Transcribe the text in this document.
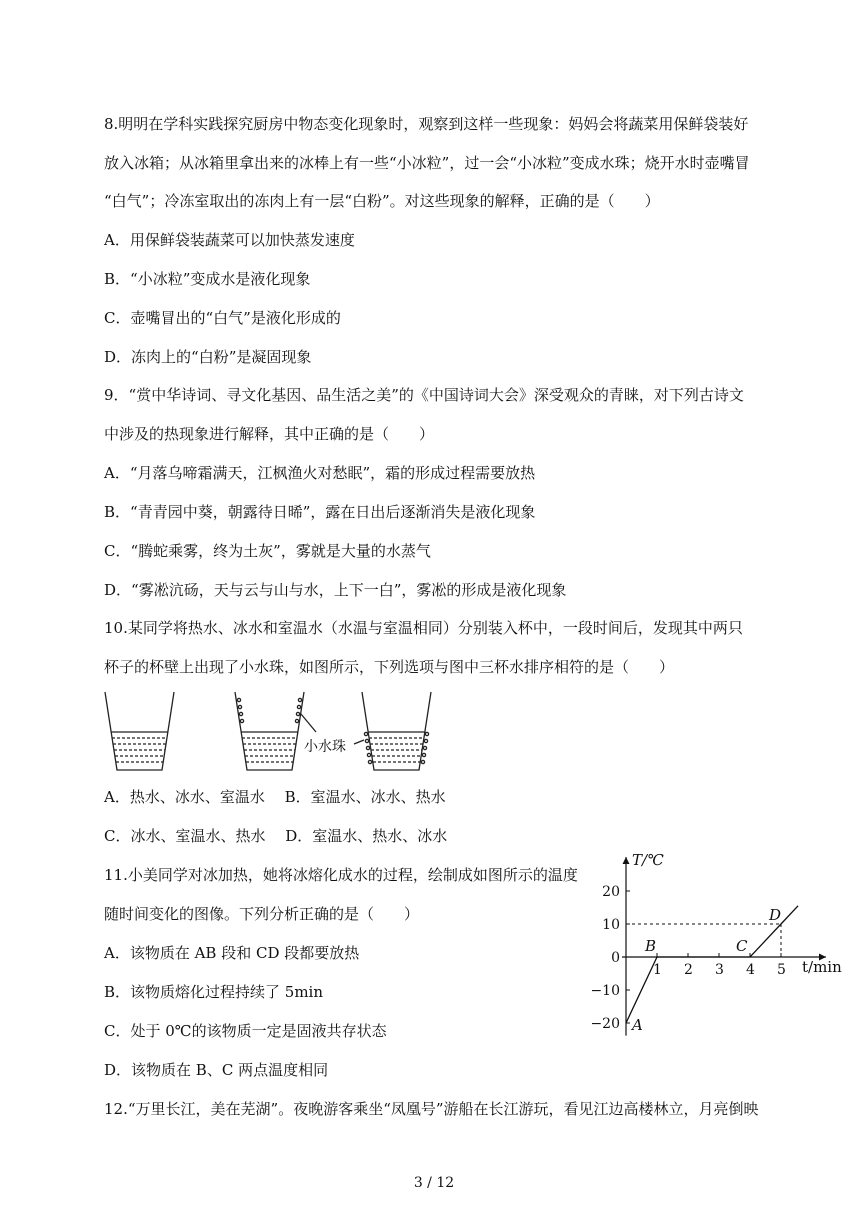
8.明明在学科实践探究厨房中物态变化现象时，观察到这样一些现象：妈妈会将蔬菜用保鲜袋装好
放入冰箱；从冰箱里拿出来的冰棒上有一些“小冰粒”，过一会“小冰粒”变成水珠；烧开水时壶嘴冒
“白气”；冷冻室取出的冻肉上有一层“白粉”。对这些现象的解释，正确的是（　　）
A．用保鲜袋装蔬菜可以加快蒸发速度
B．“小冰粒”变成水是液化现象
C．壶嘴冒出的“白气”是液化形成的
D．冻肉上的“白粉”是凝固现象
9．“赏中华诗词、寻文化基因、品生活之美”的《中国诗词大会》深受观众的青睐，对下列古诗文
中涉及的热现象进行解释，其中正确的是（　　）
A．“月落乌啼霜满天，江枫渔火对愁眠”，霜的形成过程需要放热
B．“青青园中葵，朝露待日晞”，露在日出后逐渐消失是液化现象
C．“腾蛇乘雾，终为土灰”，雾就是大量的水蒸气
D．“雾凇沆砀，天与云与山与水，上下一白”，雾凇的形成是液化现象
10.某同学将热水、冰水和室温水（水温与室温相同）分别装入杯中，一段时间后，发现其中两只
杯子的杯壁上出现了小水珠，如图所示，下列选项与图中三杯水排序相符的是（　　）
小水珠
A．热水、冰水、室温水　 B．室温水、冰水、热水
C．冰水、室温水、热水　 D．室温水、热水、冰水
11.小美同学对冰加热，她将冰熔化成水的过程，绘制成如图所示的温度
随时间变化的图像。下列分析正确的是（　　）
A．该物质在 AB 段和 CD 段都要放热
B．该物质熔化过程持续了 5min
C．处于 0℃的该物质一定是固液共存状态
D．该物质在 B、C 两点温度相同
1 2 3 4 5
20
10
0
−10
−20 A
B	C
D
T/℃
t/min
12.“万里长江，美在芜湖”。夜晚游客乘坐“凤凰号”游船在长江游玩，看见江边高楼林立，月亮倒映
3 / 12
